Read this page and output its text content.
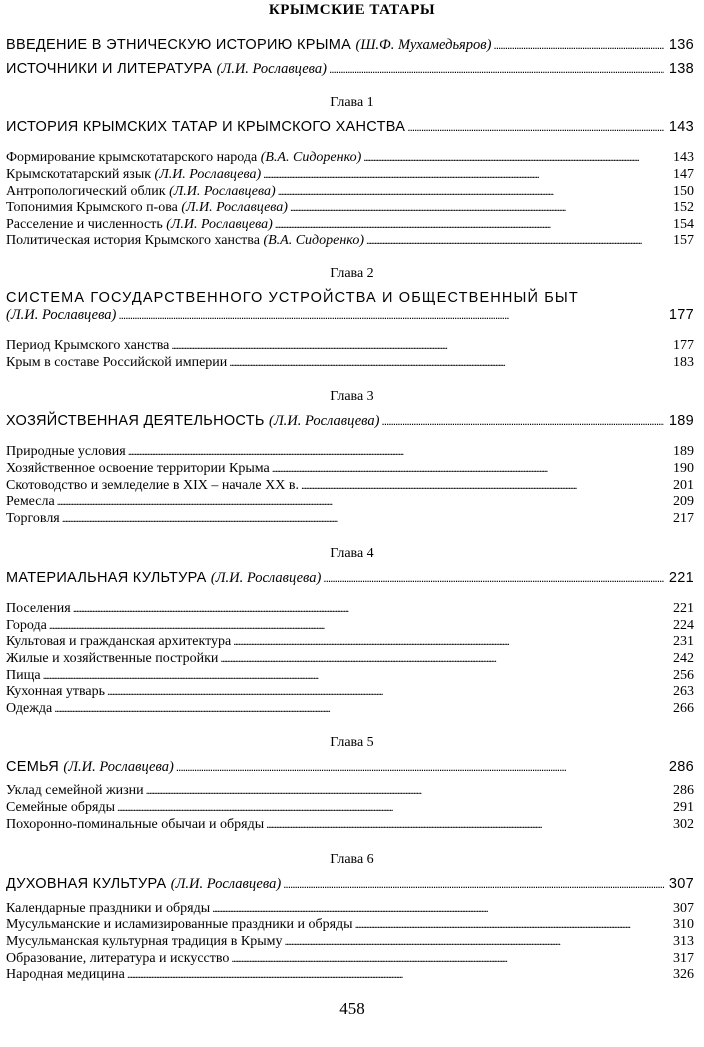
КРЫМСКИЕ ТАТАРЫ
ВВЕДЕНИЕ В ЭТНИЧЕСКУЮ ИСТОРИЮ КРЫМА (Ш.Ф. Мухамедьяров) . . .	136
ИСТОЧНИКИ И ЛИТЕРАТУРА (Л.И. Рославцева) . . .	138
Глава 1
ИСТОРИЯ КРЫМСКИХ ТАТАР И КРЫМСКОГО ХАНСТВА . . .	143
Формирование крымскотатарского народа (В.А. Сидоренко) . . .	143
Крымскотатарский язык (Л.И. Рославцева) . . .	147
Антропологический облик (Л.И. Рославцева) . . .	150
Топонимия Крымского п-ова (Л.И. Рославцева) . . .	152
Расселение и численность (Л.И. Рославцева) . . .	154
Политическая история Крымского ханства (В.А. Сидоренко) . . .	157
Глава 2
СИСТЕМА ГОСУДАРСТВЕННОГО УСТРОЙСТВА И ОБЩЕСТВЕННЫЙ БЫТ
(Л.И. Рославцева) . . .	177
Период Крымского ханства . . .	177
Крым в составе Российской империи . . .	183
Глава 3
ХОЗЯЙСТВЕННАЯ ДЕЯТЕЛЬНОСТЬ (Л.И. Рославцева) . . .	189
Природные условия . . .	189
Хозяйственное освоение территории Крыма . . .	190
Скотоводство и земледелие в XIX – начале XX в. . . .	201
Ремесла . . .	209
Торговля . . .	217
Глава 4
МАТЕРИАЛЬНАЯ КУЛЬТУРА (Л.И. Рославцева) . . .	221
Поселения . . .	221
Города . . .	224
Культовая и гражданская архитектура . . .	231
Жилые и хозяйственные постройки . . .	242
Пища . . .	256
Кухонная утварь . . .	263
Одежда . . .	266
Глава 5
СЕМЬЯ (Л.И. Рославцева) . . .	286
Уклад семейной жизни . . .	286
Семейные обряды . . .	291
Похоронно-поминальные обычаи и обряды . . .	302
Глава 6
ДУХОВНАЯ КУЛЬТУРА (Л.И. Рославцева) . . .	307
Календарные праздники и обряды . . .	307
Мусульманские и исламизированные праздники и обряды . . .	310
Мусульманская культурная традиция в Крыму . . .	313
Образование, литература и искусство . . .	317
Народная медицина . . .	326
458
